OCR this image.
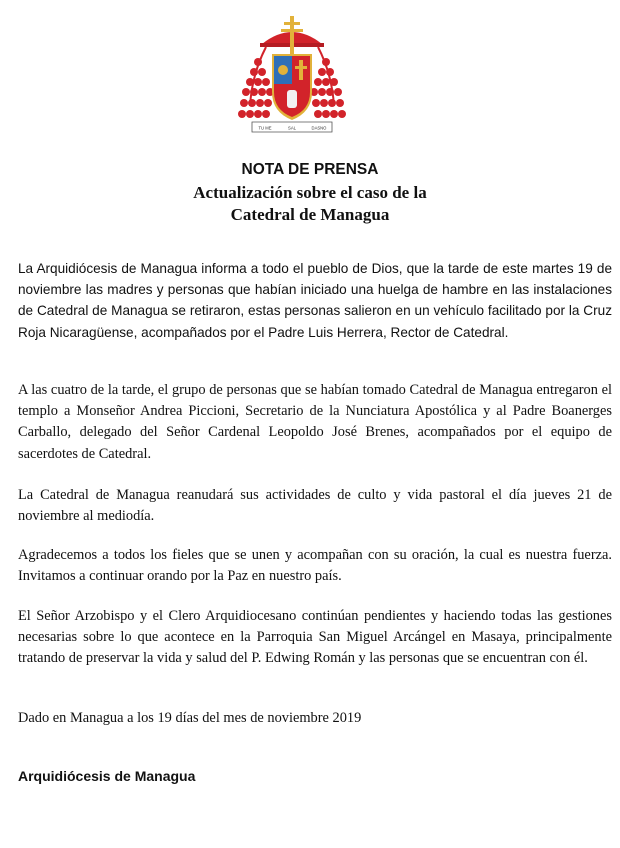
TU ME	SAL	DASNO
NOTA DE PRENSA
Actualización sobre el caso de la
Catedral de Managua

La Arquidiócesis de Managua informa a todo el pueblo de Dios, que la tarde de este martes 19 de noviembre las madres y personas que habían iniciado una huelga de hambre en las instalaciones de Catedral de Managua se retiraron, estas personas salieron en un vehículo facilitado por la Cruz Roja Nicaragüense, acompañados por el Padre Luis Herrera, Rector de Catedral.

A las cuatro de la tarde, el grupo de personas que se habían tomado Catedral de Managua entregaron el templo a Monseñor Andrea Piccioni, Secretario de la Nunciatura Apostólica y al Padre Boanerges Carballo, delegado del Señor Cardenal Leopoldo José Brenes, acompañados por el equipo de sacerdotes de Catedral.

La Catedral de Managua reanudará sus actividades de culto y vida pastoral el día jueves 21 de noviembre al mediodía.

Agradecemos a todos los fieles que se unen y acompañan con su oración, la cual es nuestra fuerza. Invitamos a continuar orando por la Paz en nuestro país.

El Señor Arzobispo y el Clero Arquidiocesano continúan pendientes y haciendo todas las gestiones necesarias sobre lo que acontece en la Parroquia San Miguel Arcángel en Masaya, principalmente tratando de preservar la vida y salud del P. Edwing Román y las personas que se encuentran con él.

Dado en Managua a los 19 días del mes de noviembre 2019

Arquidiócesis de Managua
